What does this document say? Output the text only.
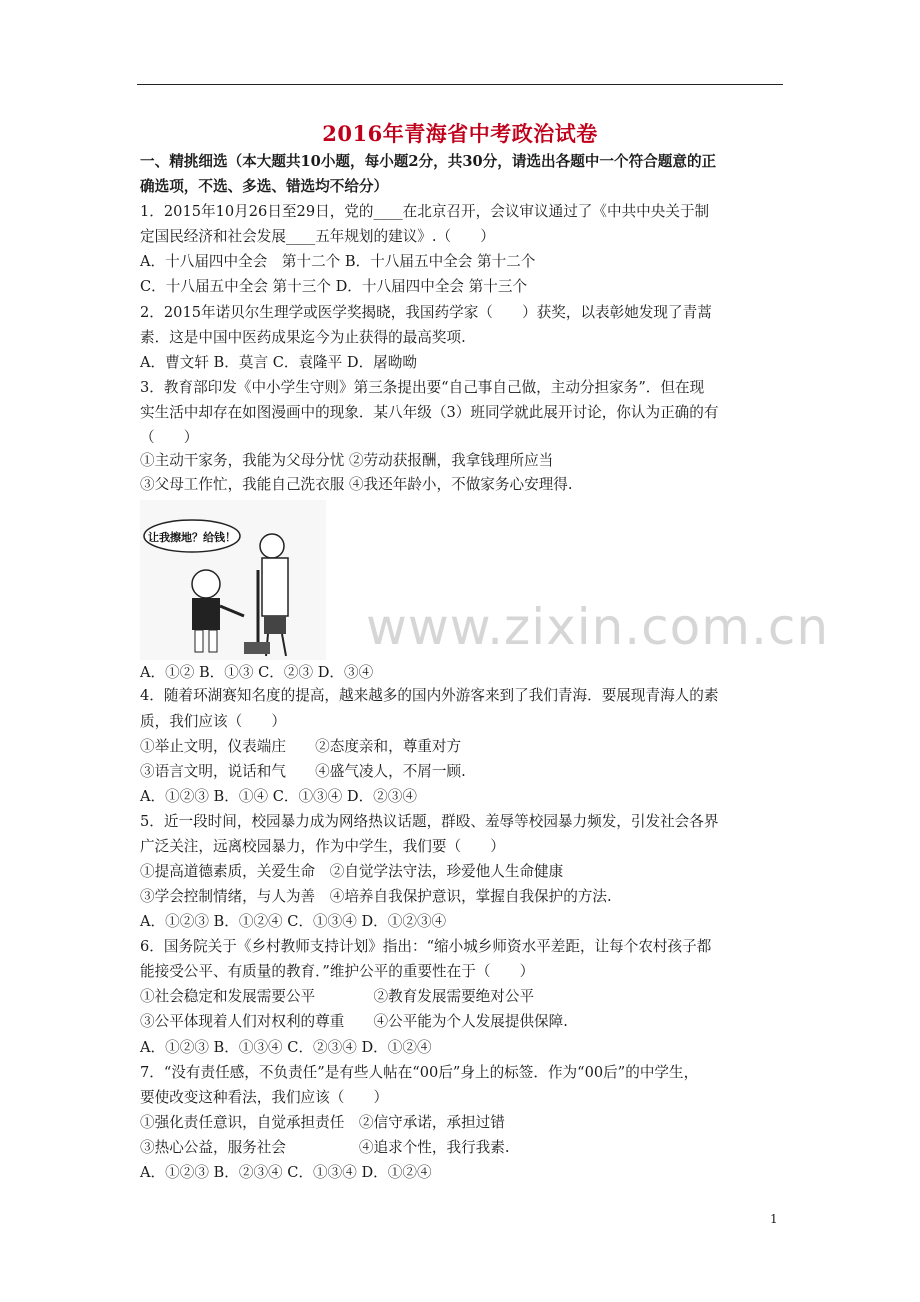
2016年青海省中考政治试卷
一、精挑细选（本大题共10小题，每小题2分，共30分，请选出各题中一个符合题意的正
确选项，不选、多选、错选均不给分）
1．2015年10月26日至29日，党的____在北京召开，会议审议通过了《中共中央关于制
定国民经济和社会发展____五年规划的建议》.（　　）
A．十八届四中全会　第十二个 B．十八届五中全会 第十二个
C．十八届五中全会 第十三个 D．十八届四中全会 第十三个
2．2015年诺贝尔生理学或医学奖揭晓，我国药学家（　　）获奖，以表彰她发现了青蒿
素．这是中国中医药成果迄今为止获得的最高奖项.
A．曹文轩 B．莫言 C．袁隆平 D．屠呦呦
3．教育部印发《中小学生守则》第三条提出要“自己事自己做，主动分担家务”．但在现
实生活中却存在如图漫画中的现象．某八年级（3）班同学就此展开讨论，你认为正确的有
（　　）
①主动干家务，我能为父母分忧 ②劳动获报酬，我拿钱理所应当
③父母工作忙，我能自己洗衣服 ④我还年龄小，不做家务心安理得.
A．①② B．①③ C．②③ D．③④
4．随着环湖赛知名度的提高，越来越多的国内外游客来到了我们青海．要展现青海人的素
质，我们应该（　　）
①举止文明，仪表端庄　　②态度亲和，尊重对方
③语言文明，说话和气　　④盛气凌人，不屑一顾.
A．①②③ B．①④ C．①③④ D．②③④
5．近一段时间，校园暴力成为网络热议话题，群殴、羞辱等校园暴力频发，引发社会各界
广泛关注，远离校园暴力，作为中学生，我们要（　　）
①提高道德素质，关爱生命　②自觉学法守法，珍爱他人生命健康
③学会控制情绪，与人为善　④培养自我保护意识，掌握自我保护的方法.
A．①②③ B．①②④ C．①③④ D．①②③④
6．国务院关于《乡村教师支持计划》指出：“缩小城乡师资水平差距，让每个农村孩子都
能接受公平、有质量的教育．”维护公平的重要性在于（　　）
①社会稳定和发展需要公平　　　　②教育发展需要绝对公平
③公平体现着人们对权利的尊重　　④公平能为个人发展提供保障.
A．①②③ B．①③④ C．②③④ D．①②④
7．“没有责任感，不负责任”是有些人帖在“00后”身上的标签．作为“00后”的中学生，
要使改变这种看法，我们应该（　　）
①强化责任意识，自觉承担责任　②信守承诺，承担过错
③热心公益，服务社会　　　　　④追求个性，我行我素.
A．①②③ B．②③④ C．①③④ D．①②④
让我擦地？给钱！
www.zixin.com.cn
1
